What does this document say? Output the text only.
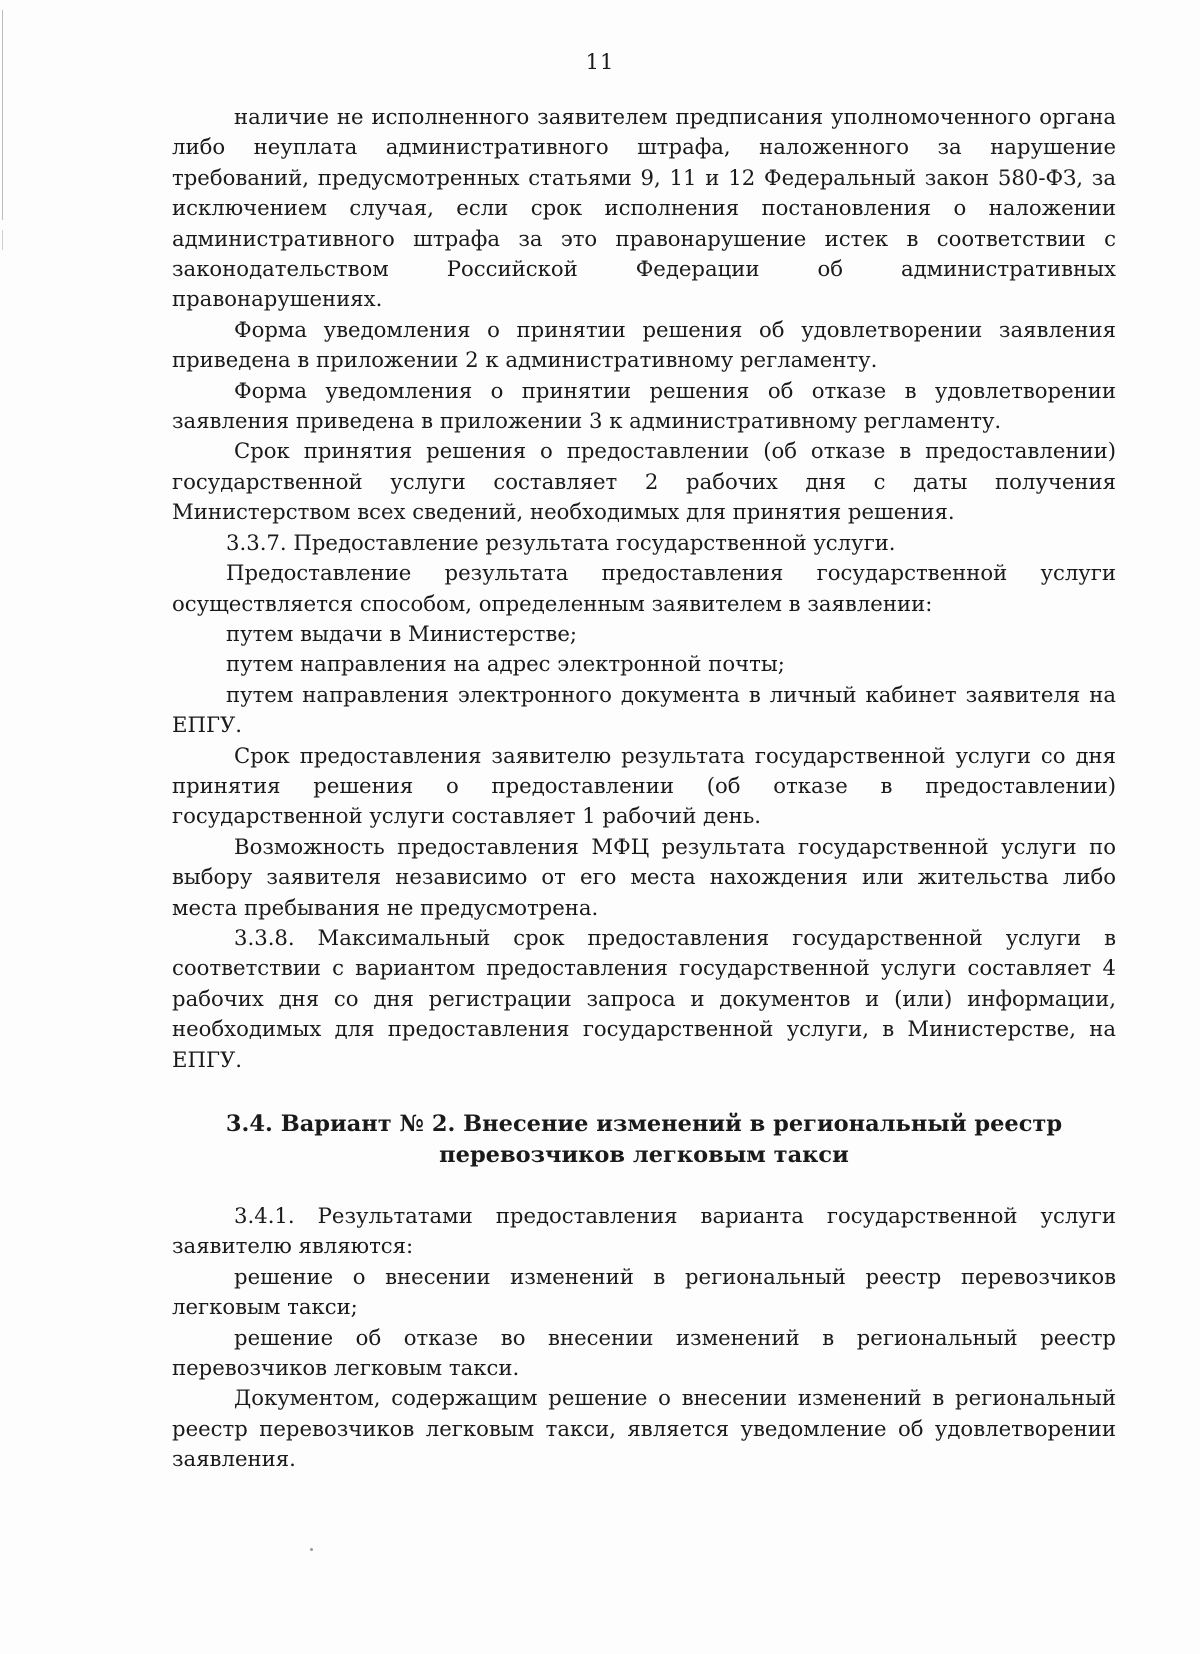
11

наличие не исполненного заявителем предписания уполномоченного органа либо неуплата административного штрафа, наложенного за нарушение требований, предусмотренных статьями 9, 11 и 12 Федеральный закон 580-ФЗ, за исключением случая, если срок исполнения постановления о наложении административного штрафа за это правонарушение истек в соответствии с законодательством Российской Федерации об административных правонарушениях.

Форма уведомления о принятии решения об удовлетворении заявления приведена в приложении 2 к административному регламенту.

Форма уведомления о принятии решения об отказе в удовлетворении заявления приведена в приложении 3 к административному регламенту.

Срок принятия решения о предоставлении (об отказе в предоставлении) государственной услуги составляет 2 рабочих дня с даты получения Министерством всех сведений, необходимых для принятия решения.

3.3.7. Предоставление результата государственной услуги.

Предоставление результата предоставления государственной услуги осуществляется способом, определенным заявителем в заявлении:

путем выдачи в Министерстве;

путем направления на адрес электронной почты;

путем направления электронного документа в личный кабинет заявителя на ЕПГУ.

Срок предоставления заявителю результата государственной услуги со дня принятия решения о предоставлении (об отказе в предоставлении) государственной услуги составляет 1 рабочий день.

Возможность предоставления МФЦ результата государственной услуги по выбору заявителя независимо от его места нахождения или жительства либо места пребывания не предусмотрена.

3.3.8. Максимальный срок предоставления государственной услуги в соответствии с вариантом предоставления государственной услуги составляет 4 рабочих дня со дня регистрации запроса и документов и (или) информации, необходимых для предоставления государственной услуги, в Министерстве, на ЕПГУ.

3.4. Вариант № 2. Внесение изменений в региональный реестр

перевозчиков легковым такси

3.4.1. Результатами предоставления варианта государственной услуги заявителю являются:

решение о внесении изменений в региональный реестр перевозчиков легковым такси;

решение об отказе во внесении изменений в региональный реестр перевозчиков легковым такси.

Документом, содержащим решение о внесении изменений в региональный реестр перевозчиков легковым такси, является уведомление об удовлетворении заявления.
